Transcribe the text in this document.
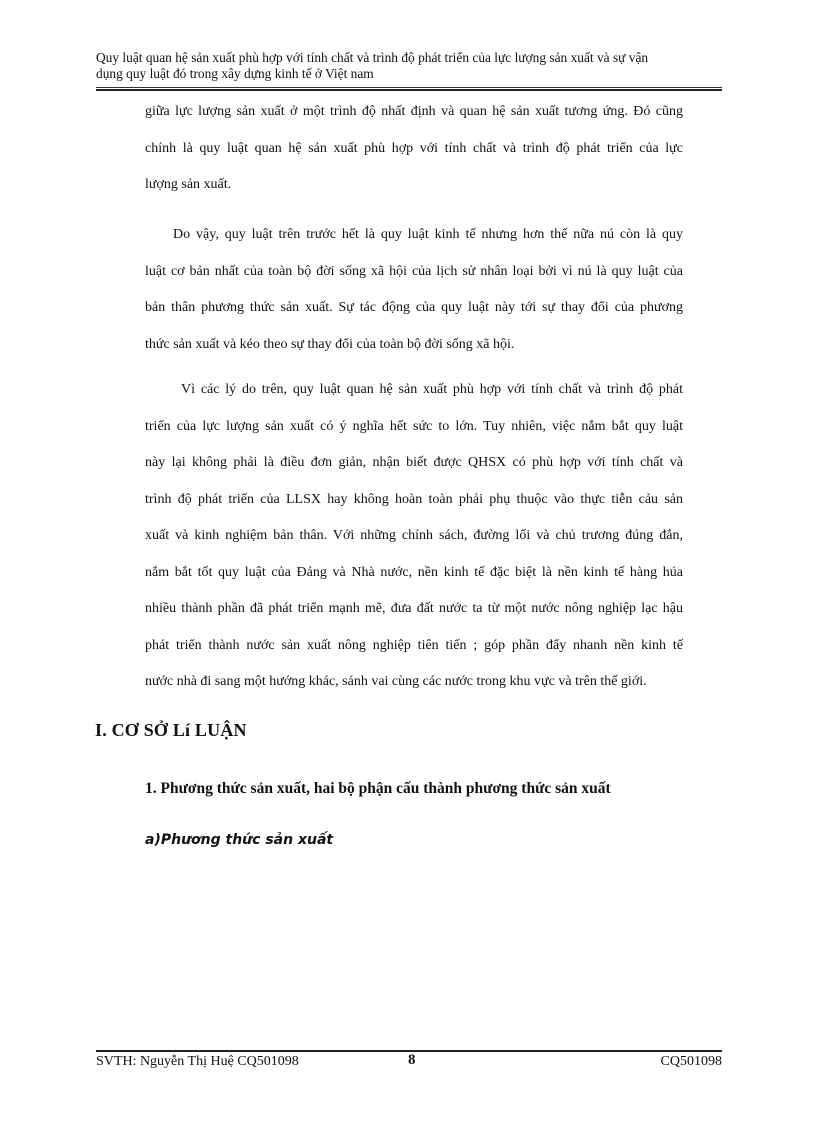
Quy luật quan hệ sản xuất phù hợp với tính chất và trình độ phát triển của lực lượng sản xuất và sự vận
dụng quy luật đó trong xây dựng kinh tế ở Việt nam
giữa lực lượng sản xuất ở một trình độ nhất định và quan hệ sản xuất tương ứng. Đó cũng
chính là quy luật quan hệ sản xuất phù hợp với tính chất và trình độ phát triển của lực
lượng sản xuất.
Do vậy, quy luật trên trước hết là quy luật kinh tế nhưng hơn thế nữa nú còn là quy
luật cơ bản nhất của toàn bộ đời sống xã hội của lịch sử nhân loại bởi vì nú là quy luật của
bản thân phương thức sản xuất. Sự tác động của quy luật này tới sự thay đổi của phương
thức sản xuất và kéo theo sự thay đổi của toàn bộ đời sống xã hội.
Vì các lý do trên, quy luật quan hệ sản xuất phù hợp với tính chất và trình độ phát
triển của lực lượng sản xuất có ý nghĩa hết sức to lớn. Tuy nhiên, việc nắm bắt quy luật
này lại không phải là điều đơn giản, nhận biết được QHSX có phù hợp với tính chất và
trình độ phát triển của LLSX hay không hoàn toàn phải phụ thuộc vào thực tiễn cảu sản
xuất và kinh nghiệm bản thân. Với những chính sách, đường lối và chủ trương đúng đắn,
nắm bắt tốt quy luật của Đảng và Nhà nước, nền kinh tế đặc biệt là nền kinh tế hàng húa
nhiều thành phần đã phát triển mạnh mẽ, đưa đất nước ta từ một nước nông nghiệp lạc hậu
phát triển thành nước sản xuất nông nghiệp tiên tiến ; góp phần đẩy nhanh nền kinh tế
nước nhà đi sang một hướng khác, sánh vai cùng các nước trong khu vực và trên thế giới.
I. CƠ SỞ Lí LUẬN
1. Phương thức sản xuất, hai bộ phận cấu thành phương thức sản xuất
a)Phương thức sản xuất
SVTH: Nguyễn Thị Huệ CQ501098	8	CQ501098
